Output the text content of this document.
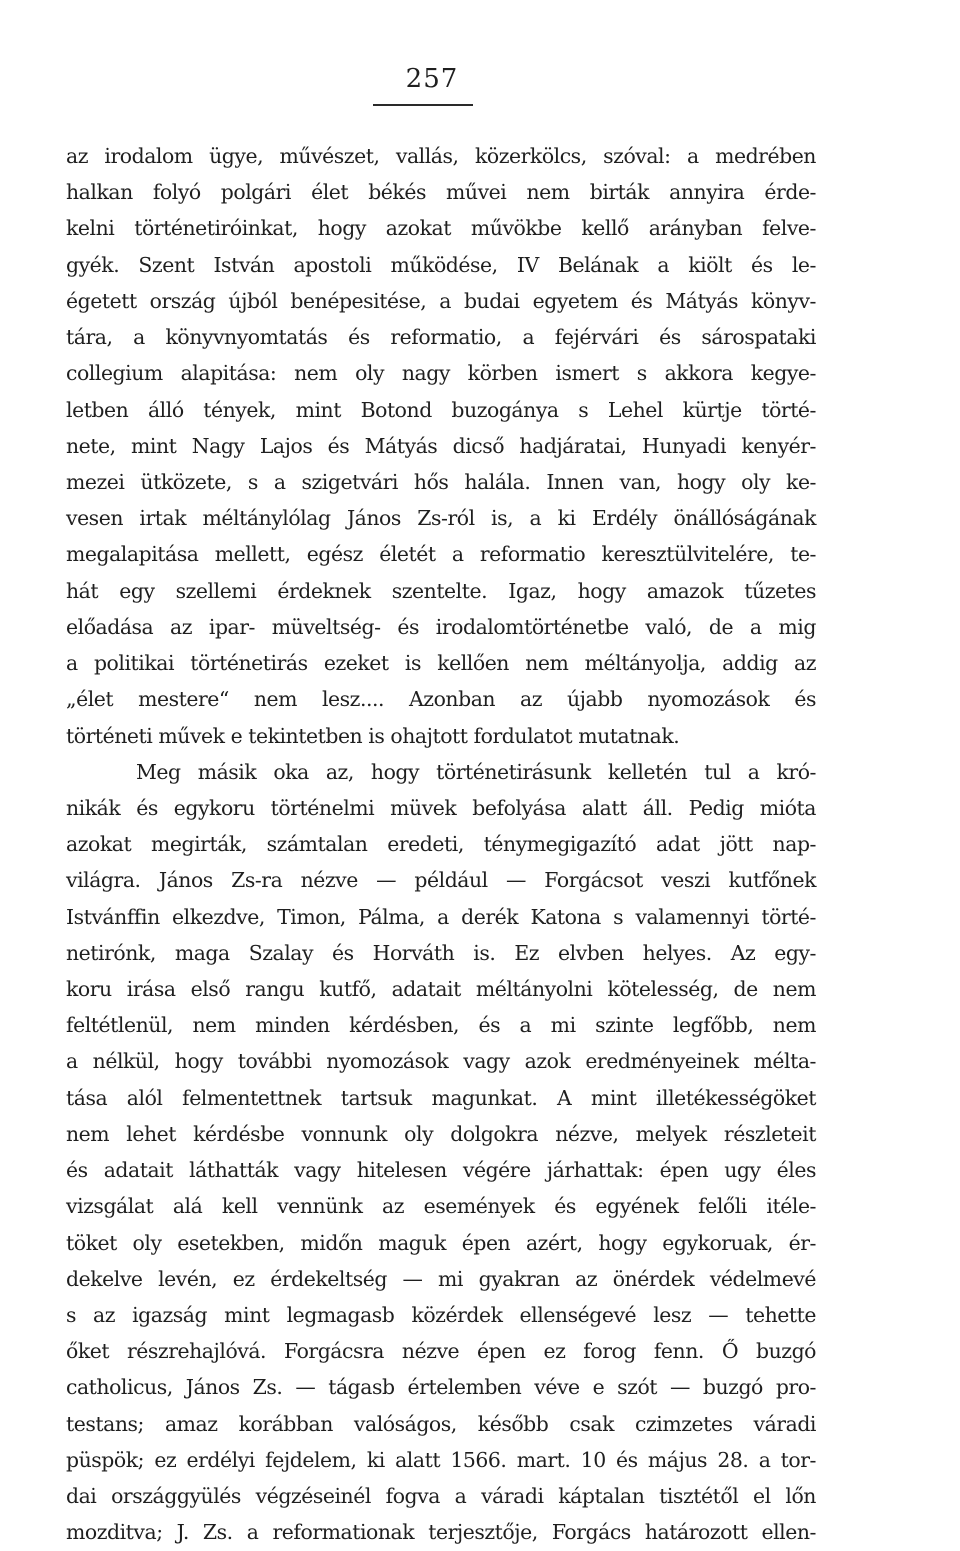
257
az irodalom ügye, művészet, vallás, közerkölcs, szóval: a medrében
halkan folyó polgári élet békés művei nem birták annyira érde-
kelni történetiróinkat, hogy azokat művökbe kellő arányban felve-
gyék. Szent István apostoli működése, IV Belának a kiölt és le-
égetett ország újból benépesitése, a budai egyetem és Mátyás könyv-
tára, a könyvnyomtatás és reformatio, a fejérvári és sárospataki
collegium alapitása: nem oly nagy körben ismert s akkora kegye-
letben álló tények, mint Botond buzogánya s Lehel kürtje törté-
nete, mint Nagy Lajos és Mátyás dicső hadjáratai, Hunyadi kenyér-
mezei ütközete, s a szigetvári hős halála. Innen van, hogy oly ke-
vesen irtak méltánylólag János Zs-ról is, a ki Erdély önállóságának
megalapitása mellett, egész életét a reformatio keresztülvitelére, te-
hát egy szellemi érdeknek szentelte. Igaz, hogy amazok tűzetes
előadása az ipar- müveltség- és irodalomtörténetbe való, de a mig
a politikai történetirás ezeket is kellően nem méltányolja, addig az
„élet mestere“ nem lesz.... Azonban az újabb nyomozások és
történeti művek e tekintetben is ohajtott fordulatot mutatnak.
Meg másik oka az, hogy történetirásunk kelletén tul a kró-
nikák és egykoru történelmi müvek befolyása alatt áll. Pedig mióta
azokat megirták, számtalan eredeti, ténymegigazító adat jött nap-
világra. János Zs-ra nézve — például — Forgácsot veszi kutfőnek
Istvánffin elkezdve, Timon, Pálma, a derék Katona s valamennyi törté-
netirónk, maga Szalay és Horváth is. Ez elvben helyes. Az egy-
koru irása első rangu kutfő, adatait méltányolni kötelesség, de nem
feltétlenül, nem minden kérdésben, és a mi szinte legfőbb, nem
a nélkül, hogy további nyomozások vagy azok eredményeinek mélta-
tása alól felmentettnek tartsuk magunkat. A mint illetékességöket
nem lehet kérdésbe vonnunk oly dolgokra nézve, melyek részleteit
és adatait láthatták vagy hitelesen végére járhattak: épen ugy éles
vizsgálat alá kell vennünk az események és egyének felőli itéle-
töket oly esetekben, midőn maguk épen azért, hogy egykoruak, ér-
dekelve levén, ez érdekeltség — mi gyakran az önérdek védelmevé
s az igazság mint legmagasb közérdek ellenségevé lesz — tehette
őket részrehajlóvá. Forgácsra nézve épen ez forog fenn. Ő buzgó
catholicus, János Zs. — tágasb értelemben véve e szót — buzgó pro-
testans; amaz korábban valóságos, később csak czimzetes váradi
püspök; ez erdélyi fejdelem, ki alatt 1566. mart. 10 és május 28. a tor-
dai országgyülés végzéseinél fogva a váradi káptalan tisztétől el lőn
mozditva; J. Zs. a reformationak terjesztője, Forgács határozott ellen-
